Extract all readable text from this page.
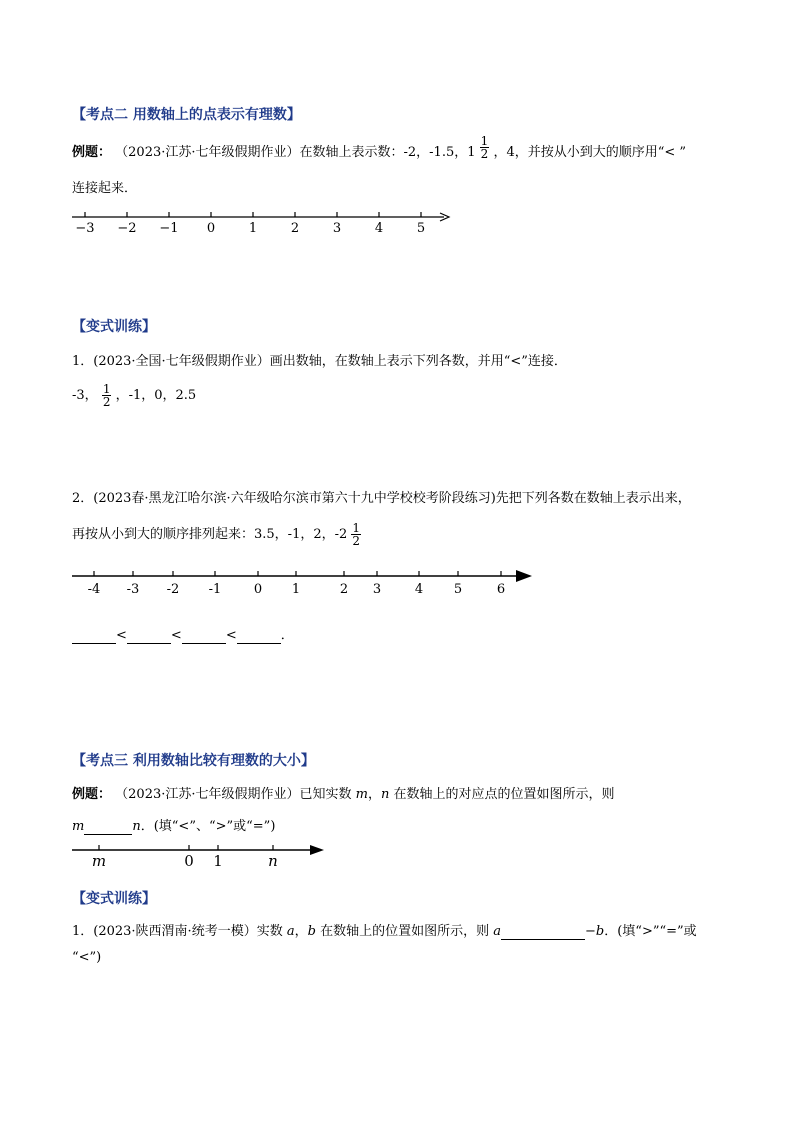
【考点二 用数轴上的点表示有理数】
例题： （2023·江苏·七年级假期作业）在数轴上表示数：-2，-1.5，$1 \frac{1}{2}$ ，4，并按从小到大的顺序用“< ”
连接起来．
−3 −2 −1 0	1	2	3	4	5
【变式训练】
1．(2023·全国·七年级假期作业）画出数轴，在数轴上表示下列各数，并用“<”连接．
-3， $\frac{1}{2}$ ，-1，0，2.5
2．(2023春·黑龙江哈尔滨·六年级哈尔滨市第六十九中学校校考阶段练习)先把下列各数在数轴上表示出来，
再按从小到大的顺序排列起来：3.5，-1，2，$-2 \frac{1}{2}$
-4 -3 -2 -1	0 1	2 3	4 5	6
<	<	<	．
【考点三 利用数轴比较有理数的大小】
例题： （2023·江苏·七年级假期作业）已知实数 m，n 在数轴上的对应点的位置如图所示，则
m	n．(填“<”、“>”或“=”)
m	0 1	n
【变式训练】
1．(2023·陕西渭南·统考一模）实数 a，b 在数轴上的位置如图所示，则 a	−b．(填“>”“=”或
“<”)
